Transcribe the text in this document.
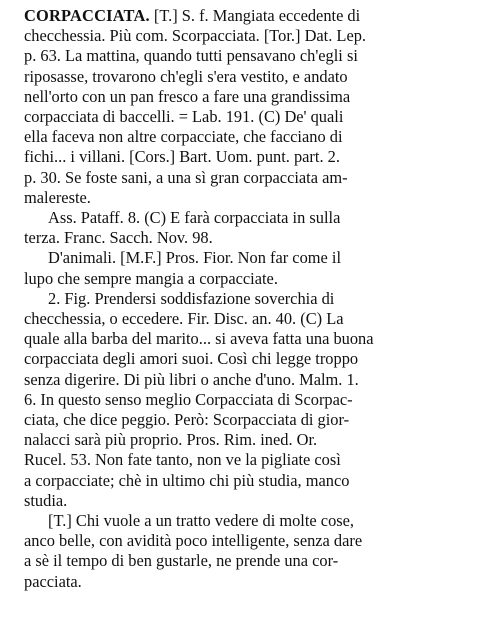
CORPACCIATA. [T.] S. f. Mangiata eccedente di
checchessia. Più com. Scorpacciata. [Tor.] Dat. Lep.
p. 63. La mattina, quando tutti pensavano ch'egli si
riposasse, trovarono ch'egli s'era vestito, e andato
nell'orto con un pan fresco a fare una grandissima
corpacciata di baccelli. = Lab. 191. (C) De' quali
ella faceva non altre corpacciate, che facciano di
fichi... i villani. [Cors.] Bart. Uom. punt. part. 2.
p. 30. Se foste sani, a una sì gran corpacciata am-
malereste.
Ass. Pataff. 8. (C) E farà corpacciata in sulla
terza. Franc. Sacch. Nov. 98.
D'animali. [M.F.] Pros. Fior. Non far come il
lupo che sempre mangia a corpacciate.
2. Fig. Prendersi soddisfazione soverchia di
checchessia, o eccedere. Fir. Disc. an. 40. (C) La
quale alla barba del marito... si aveva fatta una buona
corpacciata degli amori suoi. Così chi legge troppo
senza digerire. Di più libri o anche d'uno. Malm. 1.
6. In questo senso meglio Corpacciata di Scorpac-
ciata, che dice peggio. Però: Scorpacciata di gior-
nalacci sarà più proprio. Pros. Rim. ined. Or.
Rucel. 53. Non fate tanto, non ve la pigliate così
a corpacciate; chè in ultimo chi più studia, manco
studia.
[T.] Chi vuole a un tratto vedere di molte cose,
anco belle, con avidità poco intelligente, senza dare
a sè il tempo di ben gustarle, ne prende una cor-
pacciata.
